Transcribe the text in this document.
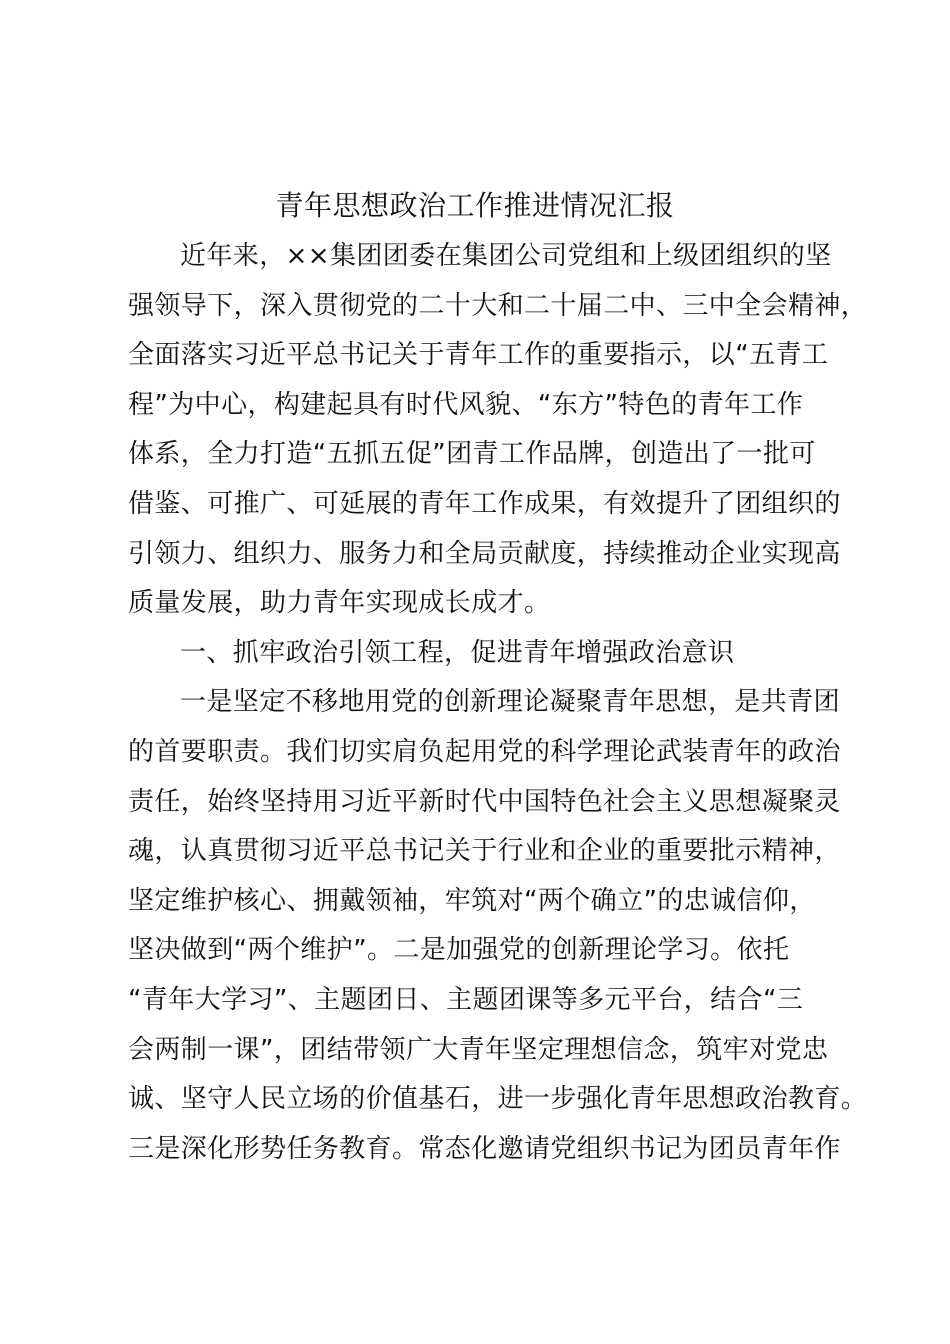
青年思想政治工作推进情况汇报
近年来，××集团团委在集团公司党组和上级团组织的坚
强领导下，深入贯彻党的二十大和二十届二中、三中全会精神，
全面落实习近平总书记关于青年工作的重要指示，以“五青工
程”为中心，构建起具有时代风貌、“东方”特色的青年工作
体系，全力打造“五抓五促”团青工作品牌，创造出了一批可
借鉴、可推广、可延展的青年工作成果，有效提升了团组织的
引领力、组织力、服务力和全局贡献度，持续推动企业实现高
质量发展，助力青年实现成长成才。
一、抓牢政治引领工程，促进青年增强政治意识
一是坚定不移地用党的创新理论凝聚青年思想，是共青团
的首要职责。我们切实肩负起用党的科学理论武装青年的政治
责任，始终坚持用习近平新时代中国特色社会主义思想凝聚灵
魂，认真贯彻习近平总书记关于行业和企业的重要批示精神，
坚定维护核心、拥戴领袖，牢筑对“两个确立”的忠诚信仰，
坚决做到“两个维护”。二是加强党的创新理论学习。依托
“青年大学习”、主题团日、主题团课等多元平台，结合“三
会两制一课”，团结带领广大青年坚定理想信念，筑牢对党忠
诚、坚守人民立场的价值基石，进一步强化青年思想政治教育。
三是深化形势任务教育。常态化邀请党组织书记为团员青年作
